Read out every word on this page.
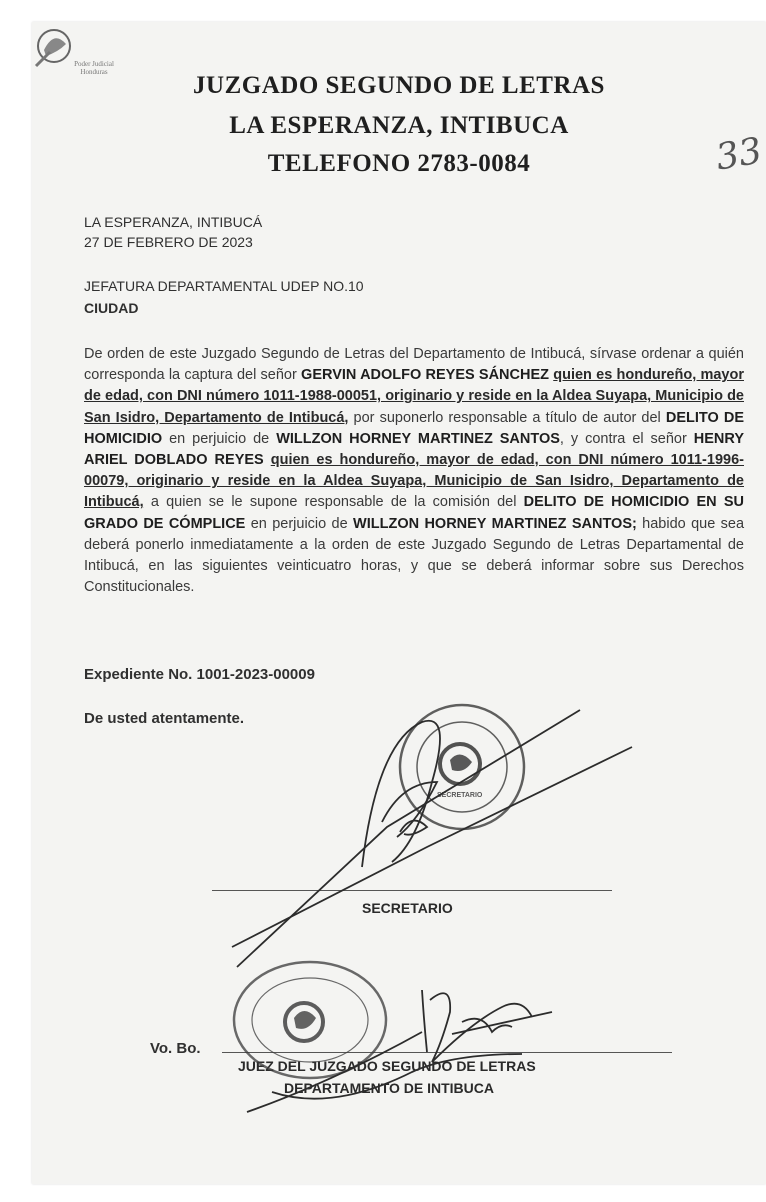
Poder Judicial Honduras	JUZGADO SEGUNDO DE LETRAS
LA ESPERANZA, INTIBUCA
TELEFONO 2783-0084	33
LA ESPERANZA, INTIBUCÁ
27 DE FEBRERO DE 2023
JEFATURA DEPARTAMENTAL UDEP NO.10
CIUDAD
De orden de este Juzgado Segundo de Letras del Departamento de Intibucá, sírvase ordenar a quién corresponda la captura del señor GERVIN ADOLFO REYES SÁNCHEZ quien es hondureño, mayor de edad, con DNI número 1011-1988-00051, originario y reside en la Aldea Suyapa, Municipio de San Isidro, Departamento de Intibucá, por suponerlo responsable a título de autor del DELITO DE HOMICIDIO en perjuicio de WILLZON HORNEY MARTINEZ SANTOS, y contra el señor HENRY ARIEL DOBLADO REYES quien es hondureño, mayor de edad, con DNI número 1011-1996-00079, originario y reside en la Aldea Suyapa, Municipio de San Isidro, Departamento de Intibucá, a quien se le supone responsable de la comisión del DELITO DE HOMICIDIO EN SU GRADO DE CÓMPLICE en perjuicio de WILLZON HORNEY MARTINEZ SANTOS; habido que sea deberá ponerlo inmediatamente a la orden de este Juzgado Segundo de Letras Departamental de Intibucá, en las siguientes veinticuatro horas, y que se deberá informar sobre sus Derechos Constitucionales.
Expediente No. 1001-2023-00009
De usted atentamente.
SECRETARIO
Vo. Bo.
JUEZ DEL JUZGADO SEGUNDO DE LETRAS
DEPARTAMENTO DE INTIBUCA
SECRETARIO
